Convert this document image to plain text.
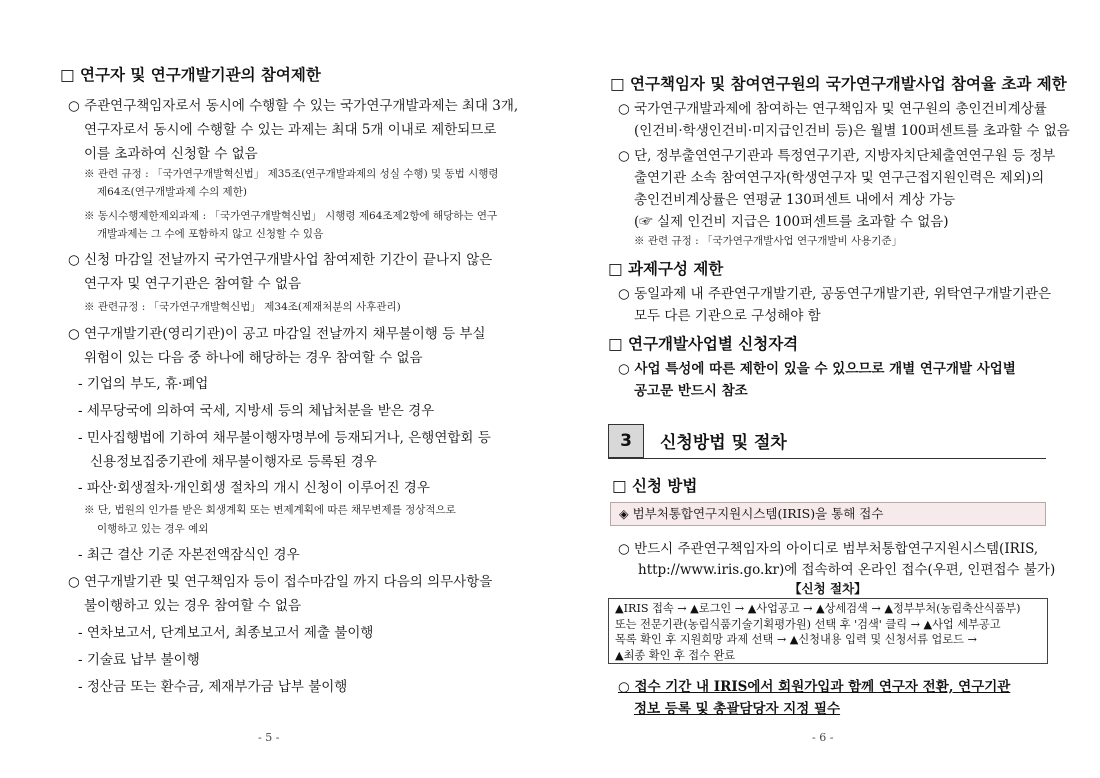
□ 연구자 및 연구개발기관의 참여제한
○ 주관연구책임자로서 동시에 수행할 수 있는 국가연구개발과제는 최대 3개,
연구자로서 동시에 수행할 수 있는 과제는 최대 5개 이내로 제한되므로
이를 초과하여 신청할 수 없음
※ 관련 규정 : 「국가연구개발혁신법」 제35조(연구개발과제의 성실 수행) 및 동법 시행령
제64조(연구개발과제 수의 제한)
※ 동시수행제한제외과제 : 「국가연구개발혁신법」 시행령 제64조제2항에 해당하는 연구
개발과제는 그 수에 포함하지 않고 신청할 수 있음
○ 신청 마감일 전날까지 국가연구개발사업 참여제한 기간이 끝나지 않은
연구자 및 연구기관은 참여할 수 없음
※ 관련규정 : 「국가연구개발혁신법」 제34조(제재처분의 사후관리)
○ 연구개발기관(영리기관)이 공고 마감일 전날까지 채무불이행 등 부실
위험이 있는 다음 중 하나에 해당하는 경우 참여할 수 없음
- 기업의 부도, 휴·폐업
- 세무당국에 의하여 국세, 지방세 등의 체납처분을 받은 경우
- 민사집행법에 기하여 채무불이행자명부에 등재되거나, 은행연합회 등
신용정보집중기관에 채무불이행자로 등록된 경우
- 파산·회생절차·개인회생 절차의 개시 신청이 이루어진 경우
※ 단, 법원의 인가를 받은 회생계획 또는 변제계획에 따른 채무변제를 정상적으로
이행하고 있는 경우 예외
- 최근 결산 기준 자본전액잠식인 경우
○ 연구개발기관 및 연구책임자 등이 접수마감일 까지 다음의 의무사항을
불이행하고 있는 경우 참여할 수 없음
- 연차보고서, 단계보고서, 최종보고서 제출 불이행
- 기술료 납부 불이행
- 정산금 또는 환수금, 제재부가금 납부 불이행
- 5 -
□ 연구책임자 및 참여연구원의 국가연구개발사업 참여율 초과 제한
○ 국가연구개발과제에 참여하는 연구책임자 및 연구원의 총인건비계상률
(인건비·학생인건비·미지급인건비 등)은 월별 100퍼센트를 초과할 수 없음
○ 단, 정부출연연구기관과 특정연구기관, 지방자치단체출연연구원 등 정부
출연기관 소속 참여연구자(학생연구자 및 연구근접지원인력은 제외)의
총인건비계상률은 연평균 130퍼센트 내에서 계상 가능
(☞ 실제 인건비 지급은 100퍼센트를 초과할 수 없음)
※ 관련 규정 : 「국가연구개발사업 연구개발비 사용기준」
□ 과제구성 제한
○ 동일과제 내 주관연구개발기관, 공동연구개발기관, 위탁연구개발기관은
모두 다른 기관으로 구성해야 함
□ 연구개발사업별 신청자격
○ 사업 특성에 따른 제한이 있을 수 있으므로 개별 연구개발 사업별
공고문 반드시 참조
3	신청방법 및 절차
□ 신청 방법
◈ 범부처통합연구지원시스템(IRIS)을 통해 접수
○ 반드시 주관연구책임자의 아이디로 범부처통합연구지원시스템(IRIS,
http://www.iris.go.kr)에 접속하여 온라인 접수(우편, 인편접수 불가)
【신청 절차】
▲IRIS 접속 → ▲로그인 → ▲사업공고 → ▲상세검색 → ▲정부부처(농림축산식품부)
또는 전문기관(농림식품기술기획평가원) 선택 후 '검색' 클릭 → ▲사업 세부공고
목록 확인 후 지원희망 과제 선택 → ▲신청내용 입력 및 신청서류 업로드 →
▲최종 확인 후 접수 완료
○ 접수 기간 내 IRIS에서 회원가입과 함께 연구자 전환, 연구기관
정보 등록 및 총괄담당자 지정 필수
- 6 -
